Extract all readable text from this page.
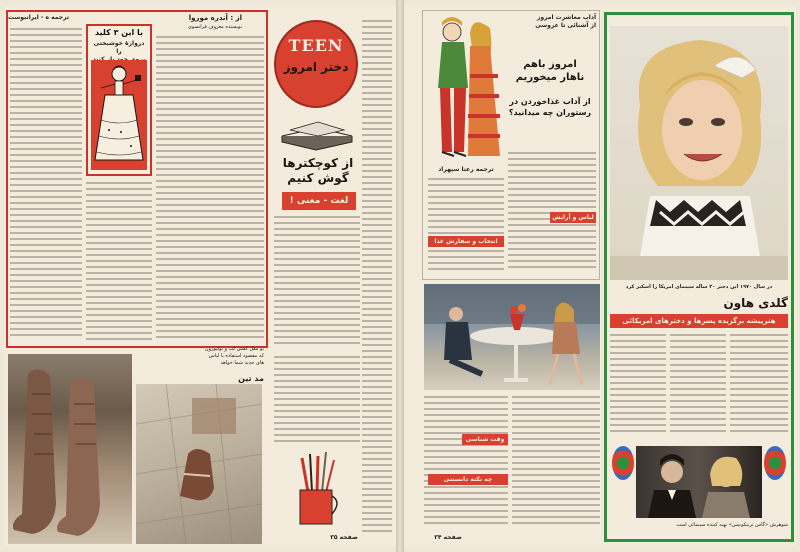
از : آندره موروا
نویسنده معروف فرانسوی
ترجمه ه - ایرانبوست
با این ۳ کلید
دروازهٔ خوشبختی را	TEEN
دختر امروز
از کوچکترها
گوش کنیم
لغت - معنی !
مد تین
تو مقل کفش لب و پولیورون
که مقصود استفاده با لباس
های جدید شما خواهد
صفحه ۳۵
آداب معاشرت امروز
از آشنائی تا عروسی
امروز باهم
ناهار میخوریم
از آداب غذاخوردن در
رستوران چه میدانید؟
ترجمه رعنا سپهراد
لباس و آرایش
انتخاب و سفارش غذا
وقت شناسی
چه نکته دانستنی
صفحه ۳۴
در سال ۱۹۷۰ این دختر ۲۰ ساله سینمای امریکا را اسکیر کرد
گلدی هاون
هنرپیشه برگزیده پسرها و دخترهای امریکائی
شوهرش «گاس ترینکونیس» تهیه کننده سینمائی است
